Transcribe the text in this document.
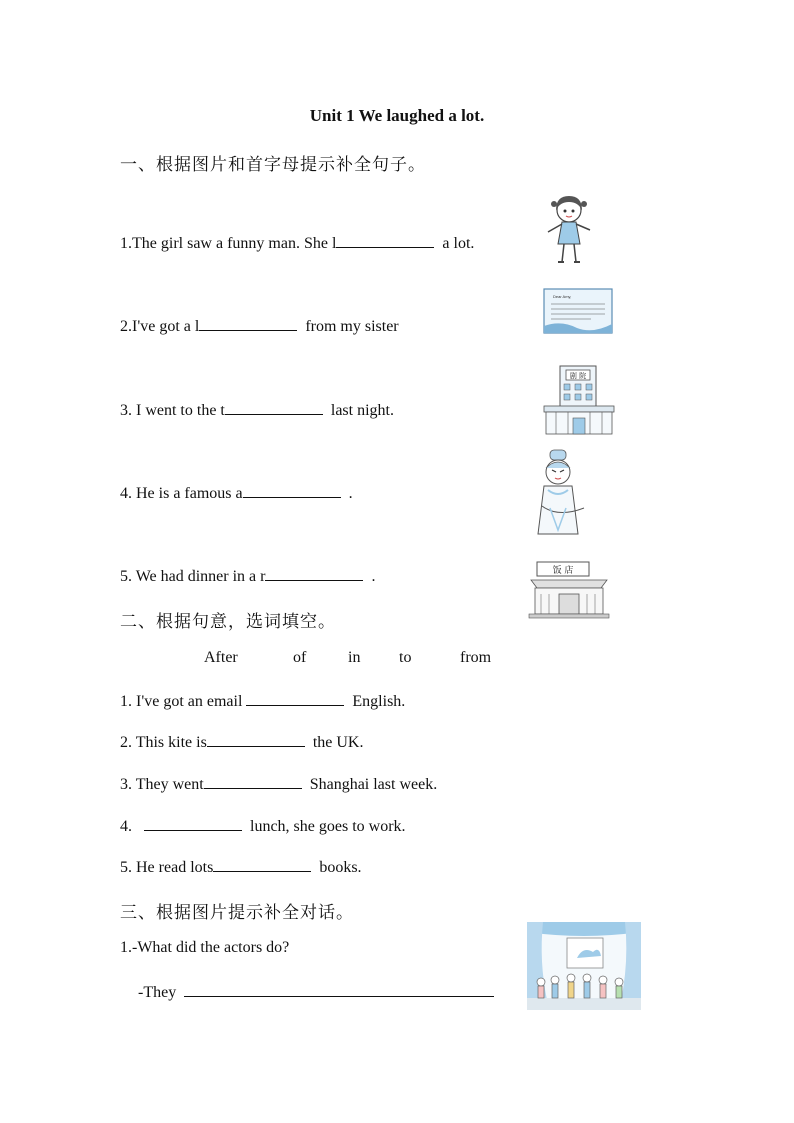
Unit 1 We laughed a lot.
一、根据图片和首字母提示补全句子。
1.The girl saw a funny man. She l	a lot.
2.I've got a l	from my sister
3. I went to the t	last night.
4. He is a famous a	.
5. We had dinner in a r	.
Dear Amy,
剧 院
饭 店
二、根据句意，选词填空。
After	of	in to	from
1. I've got an email	English.
2. This kite is	the UK.
3. They went	Shanghai last week.
4.	lunch, she goes to work.
5. He read lots	books.
三、根据图片提示补全对话。
1.-What did the actors do?
-They
